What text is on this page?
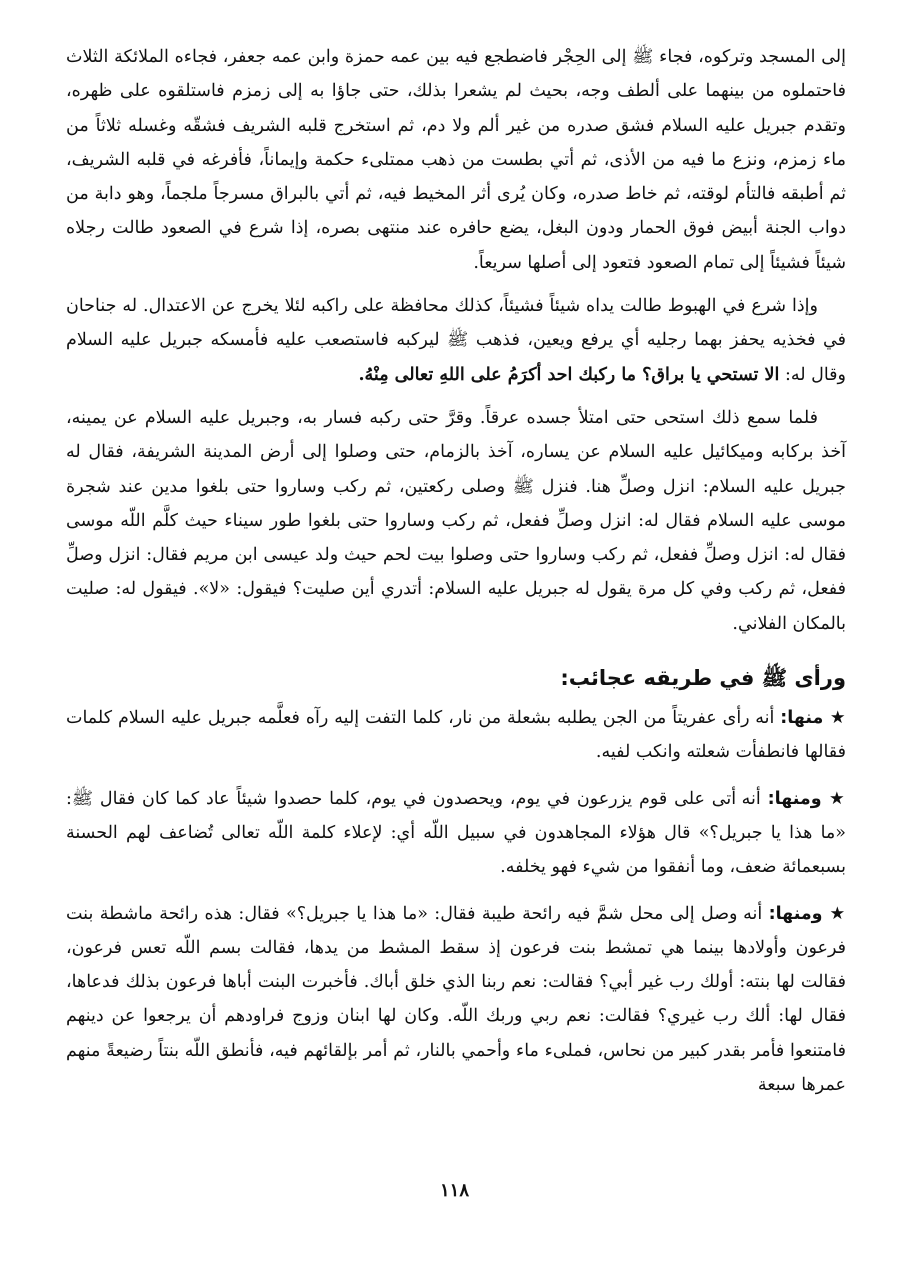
إلى المسجد وتركوه، فجاء ﷺ إلى الحِجْر فاضطجع فيه بين عمه حمزة وابن عمه جعفر، فجاءه الملائكة الثلاث فاحتملوه من بينهما على ألطف وجه، بحيث لم يشعرا بذلك، حتى جاؤا به إلى زمزم فاستلقوه على ظهره، وتقدم جبريل عليه السلام فشق صدره من غير ألم ولا دم، ثم استخرج قلبه الشريف فشقّه وغسله ثلاثاً من ماء زمزم، ونزع ما فيه من الأذى، ثم أتي بطست من ذهب ممتلىء حكمة وإيماناً، فأفرغه في قلبه الشريف، ثم أطبقه فالتأم لوقته، ثم خاط صدره، وكان يُرى أثر المخيط فيه، ثم أتي بالبراق مسرجاً ملجماً، وهو دابة من دواب الجنة أبيض فوق الحمار ودون البغل، يضع حافره عند منتهى بصره، إذا شرع في الصعود طالت رجلاه شيئاً فشيئاً إلى تمام الصعود فتعود إلى أصلها سريعاً.

وإذا شرع في الهبوط طالت يداه شيئاً فشيئاً، كذلك محافظة على راكبه لئلا يخرج عن الاعتدال. له جناحان في فخذيه يحفز بهما رجليه أي يرفع ويعين، فذهب ﷺ ليركبه فاستصعب عليه فأمسكه جبريل عليه السلام وقال له: الا تستحي يا براق؟ ما ركبك احد أكرَمُ على اللهِ تعالى مِنْهُ.

فلما سمع ذلك استحى حتى امتلأ جسده عرقاً. وقرَّ حتى ركبه فسار به، وجبريل عليه السلام عن يمينه، آخذ بركابه وميكائيل عليه السلام عن يساره، آخذ بالزمام، حتى وصلوا إلى أرض المدينة الشريفة، فقال له جبريل عليه السلام: انزل وصلِّ هنا. فنزل ﷺ وصلى ركعتين، ثم ركب وساروا حتى بلغوا مدين عند شجرة موسى عليه السلام فقال له: انزل وصلِّ ففعل، ثم ركب وساروا حتى بلغوا طور سيناء حيث كلَّم اللّه موسى فقال له: انزل وصلِّ ففعل، ثم ركب وساروا حتى وصلوا بيت لحم حيث ولد عيسى ابن مريم فقال: انزل وصلِّ ففعل، ثم ركب وفي كل مرة يقول له جبريل عليه السلام: أتدري أين صليت؟ فيقول: «لا». فيقول له: صليت بالمكان الفلاني.

ورأى ﷺ في طريقه عجائب:

★ منها: أنه رأى عفريتاً من الجن يطلبه بشعلة من نار، كلما التفت إليه رآه فعلَّمه جبريل عليه السلام كلمات فقالها فانطفأت شعلته وانكب لفيه.

★ ومنها: أنه أتى على قوم يزرعون في يوم، ويحصدون في يوم، كلما حصدوا شيئاً عاد كما كان فقال ﷺ: «ما هذا يا جبريل؟» قال هؤلاء المجاهدون في سبيل اللّه أي: لإعلاء كلمة اللّه تعالى تُضاعف لهم الحسنة بسبعمائة ضعف، وما أنفقوا من شيء فهو يخلفه.

★ ومنها: أنه وصل إلى محل شمَّ فيه رائحة طيبة فقال: «ما هذا يا جبريل؟» فقال: هذه رائحة ماشطة بنت فرعون وأولادها بينما هي تمشط بنت فرعون إذ سقط المشط من يدها، فقالت بسم اللّه تعس فرعون، فقالت لها بنته: أولك رب غير أبي؟ فقالت: نعم ربنا الذي خلق أباك. فأخبرت البنت أباها فرعون بذلك فدعاها، فقال لها: ألك رب غيري؟ فقالت: نعم ربي وربك اللّه. وكان لها ابنان وزوج فراودهم أن يرجعوا عن دينهم فامتنعوا فأمر بقدر كبير من نحاس، فملىء ماء وأحمي بالنار، ثم أمر بإلقائهم فيه، فأنطق اللّه بنتاً رضيعةً منهم عمرها سبعة

١١٨
